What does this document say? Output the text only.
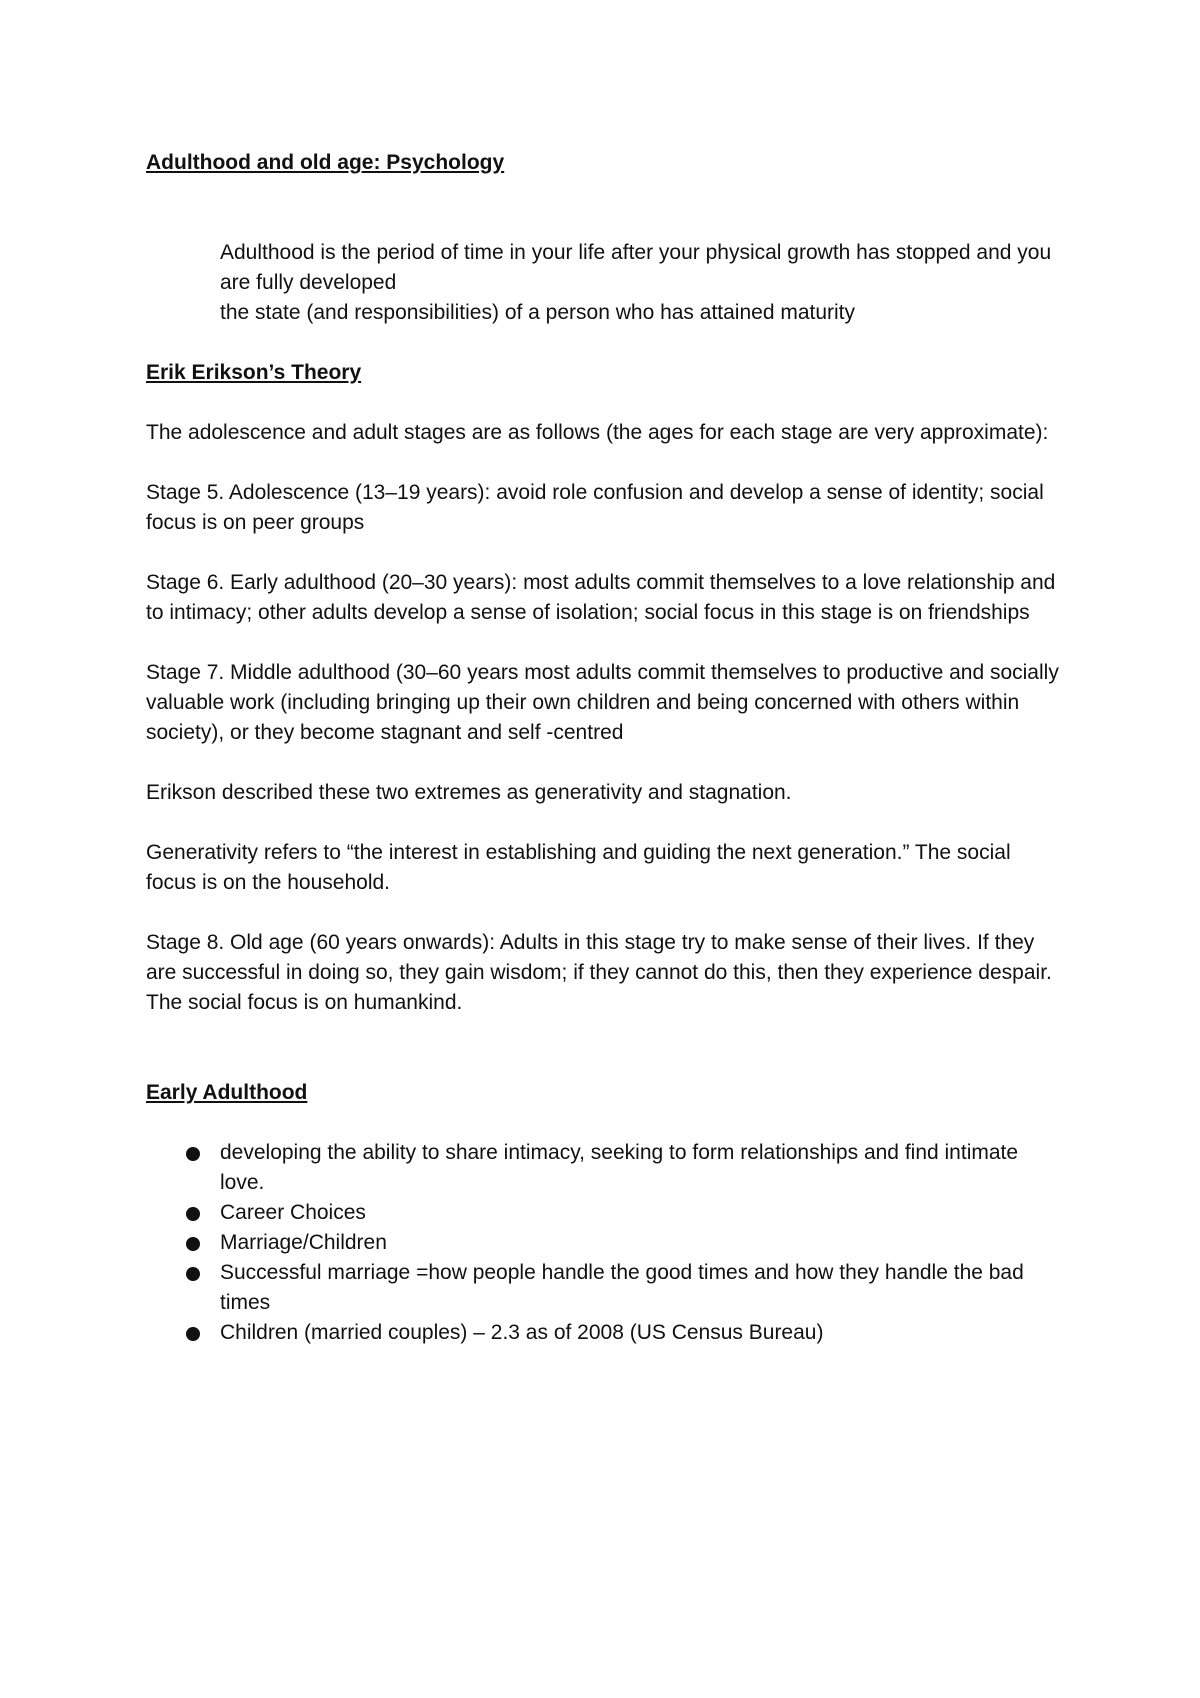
Adulthood and old age: Psychology
Adulthood is the period of time in your life after your physical growth has stopped and you are fully developed
the state (and responsibilities) of a person who has attained maturity
Erik Erikson’s Theory
The adolescence and adult stages are as follows (the ages for each stage are very approximate):
Stage 5. Adolescence (13–19 years): avoid role confusion and develop a sense of identity; social focus is on peer groups
Stage 6. Early adulthood (20–30 years): most adults commit themselves to a love relationship and to intimacy; other adults develop a sense of isolation; social focus in this stage is on friendships
Stage 7. Middle adulthood (30–60 years most adults commit themselves to productive and socially valuable work (including bringing up their own children and being concerned with others within society), or they become stagnant and self -centred
Erikson described these two extremes as generativity and stagnation.
Generativity refers to “the interest in establishing and guiding the next generation.” The social focus is on the household.
Stage 8. Old age (60 years onwards): Adults in this stage try to make sense of their lives. If they are successful in doing so, they gain wisdom; if they cannot do this, then they experience despair. The social focus is on humankind.
Early Adulthood
developing the ability to share intimacy, seeking to form relationships and find intimate love.
Career Choices
Marriage/Children
Successful marriage =how people handle the good times and how they handle the bad times
Children (married couples) – 2.3 as of 2008 (US Census Bureau)
